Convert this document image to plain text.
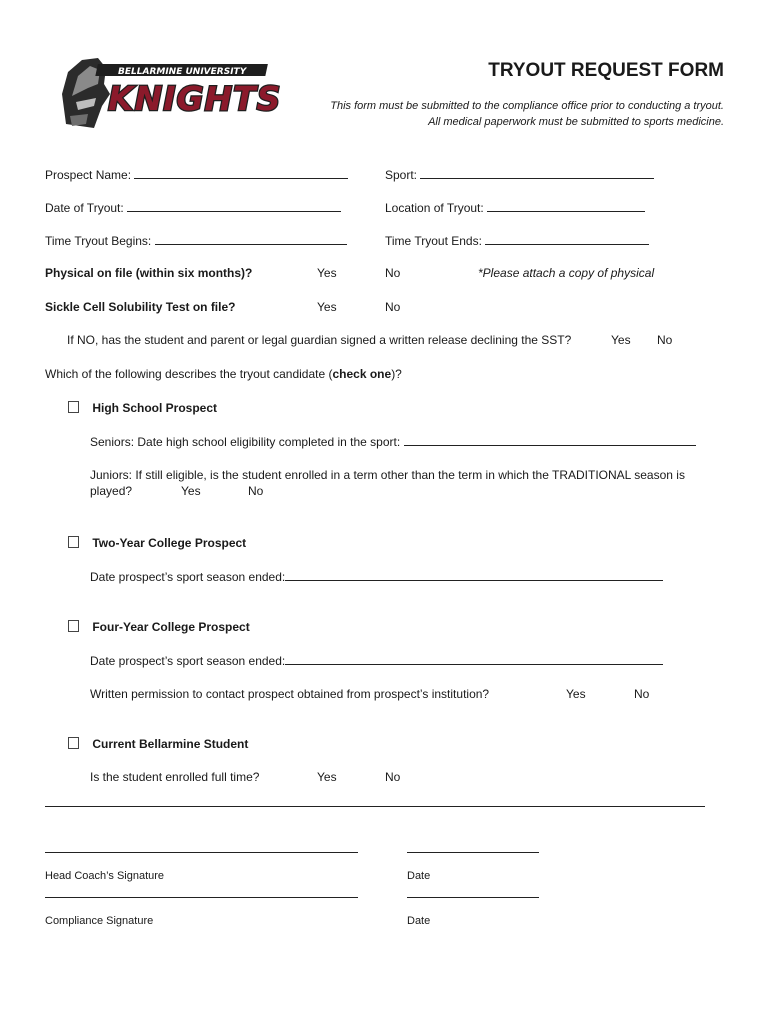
BELLARMINE UNIVERSITY
KNIGHTS
TRYOUT REQUEST FORM
This form must be submitted to the compliance office prior to conducting a tryout.
All medical paperwork must be submitted to sports medicine.
Prospect Name:	Sport:
Date of Tryout:	Location of Tryout:
Time Tryout Begins:	Time Tryout Ends:
Physical on file (within six months)?	Yes	No	*Please attach a copy of physical
Sickle Cell Solubility Test on file?	Yes	No
If NO, has the student and parent or legal guardian signed a written release declining the SST?	Yes No
Which of the following describes the tryout candidate (check one)?
High School Prospect
Seniors: Date high school eligibility completed in the sport:
Juniors: If still eligible, is the student enrolled in a term other than the term in which the TRADITIONAL season is
played?	Yes	No
Two-Year College Prospect
Date prospect’s sport season ended:
Four-Year College Prospect
Date prospect’s sport season ended:
Written permission to contact prospect obtained from prospect’s institution?	Yes	No
Current Bellarmine Student
Is the student enrolled full time?	Yes	No
Head Coach’s Signature	Date
Compliance Signature	Date
